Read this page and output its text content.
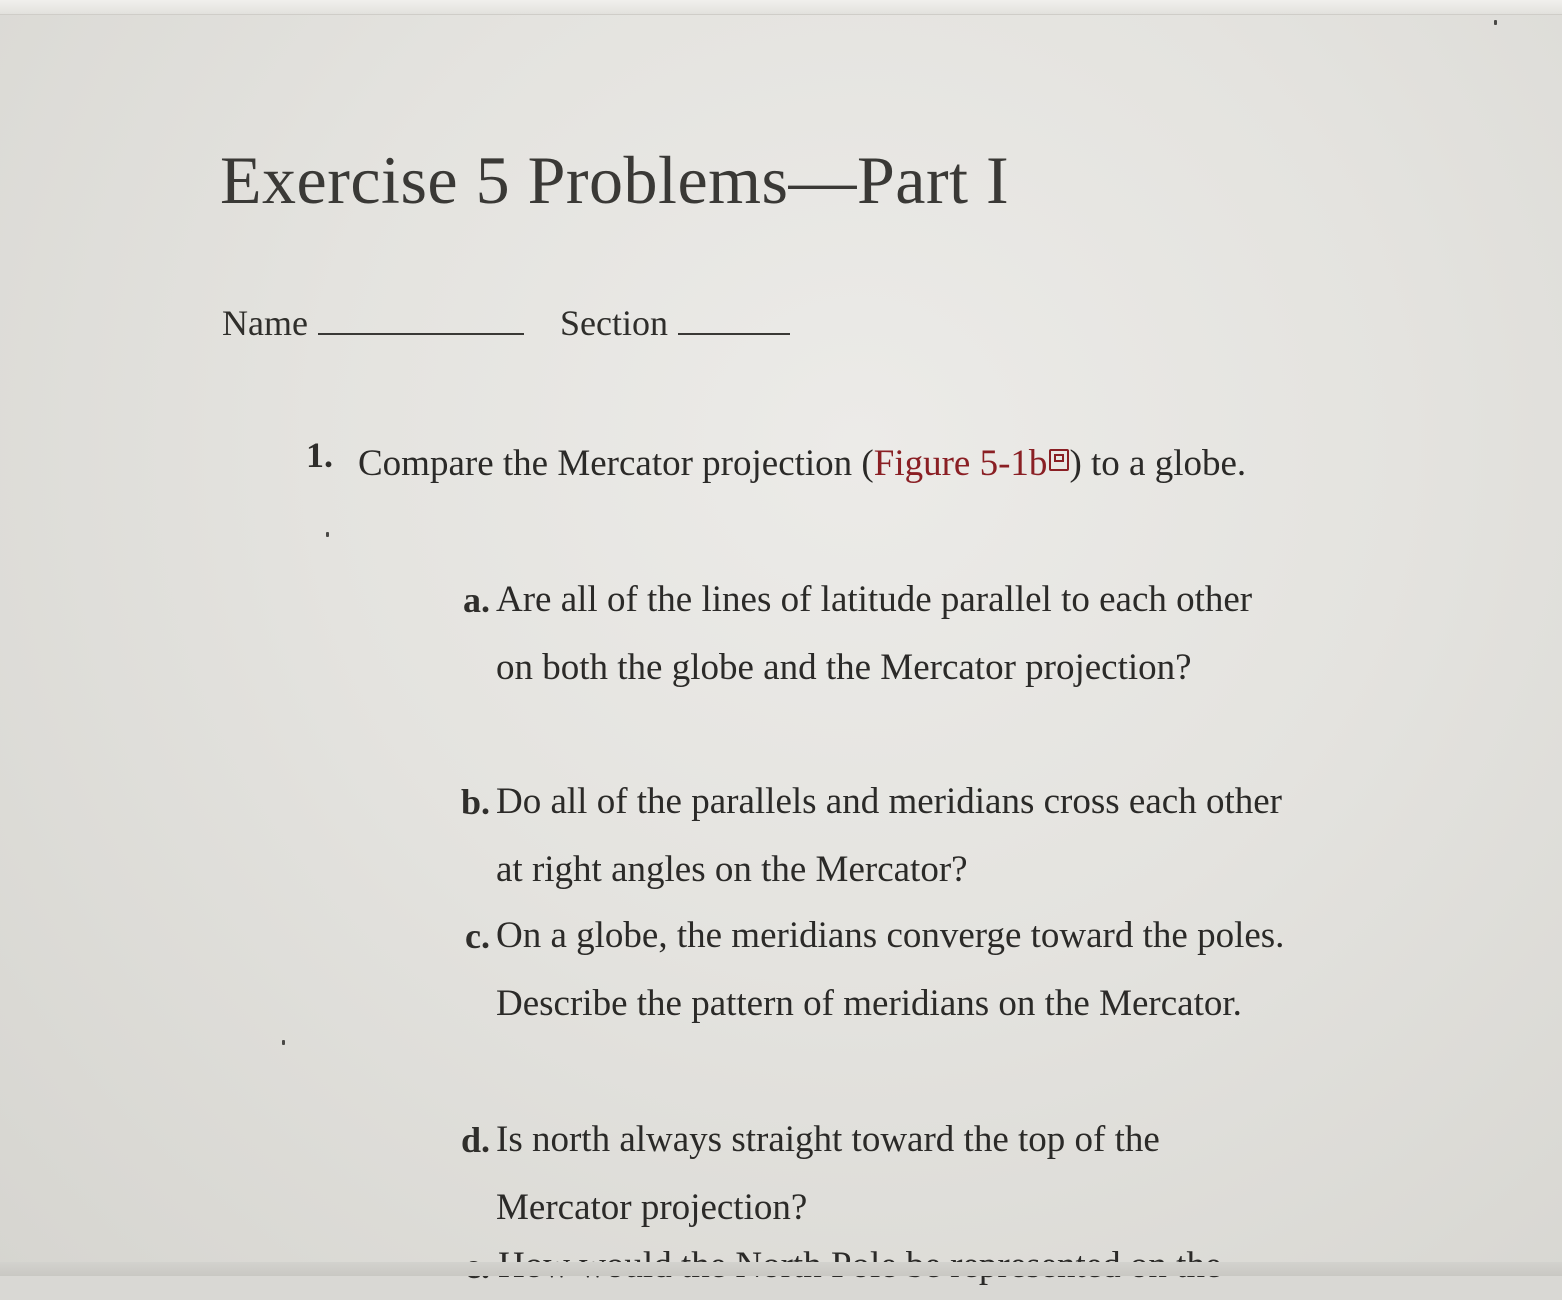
Exercise 5 Problems—Part I
Name	Section
1. Compare the Mercator projection (Figure 5-1b ) to a globe.
a. Are all of the lines of latitude parallel to each other on both the globe and the Mercator projection?
b. Do all of the parallels and meridians cross each other at right angles on the Mercator?
c. On a globe, the meridians converge toward the poles. Describe the pattern of meridians on the Mercator.
d. Is north always straight toward the top of the Mercator projection?
